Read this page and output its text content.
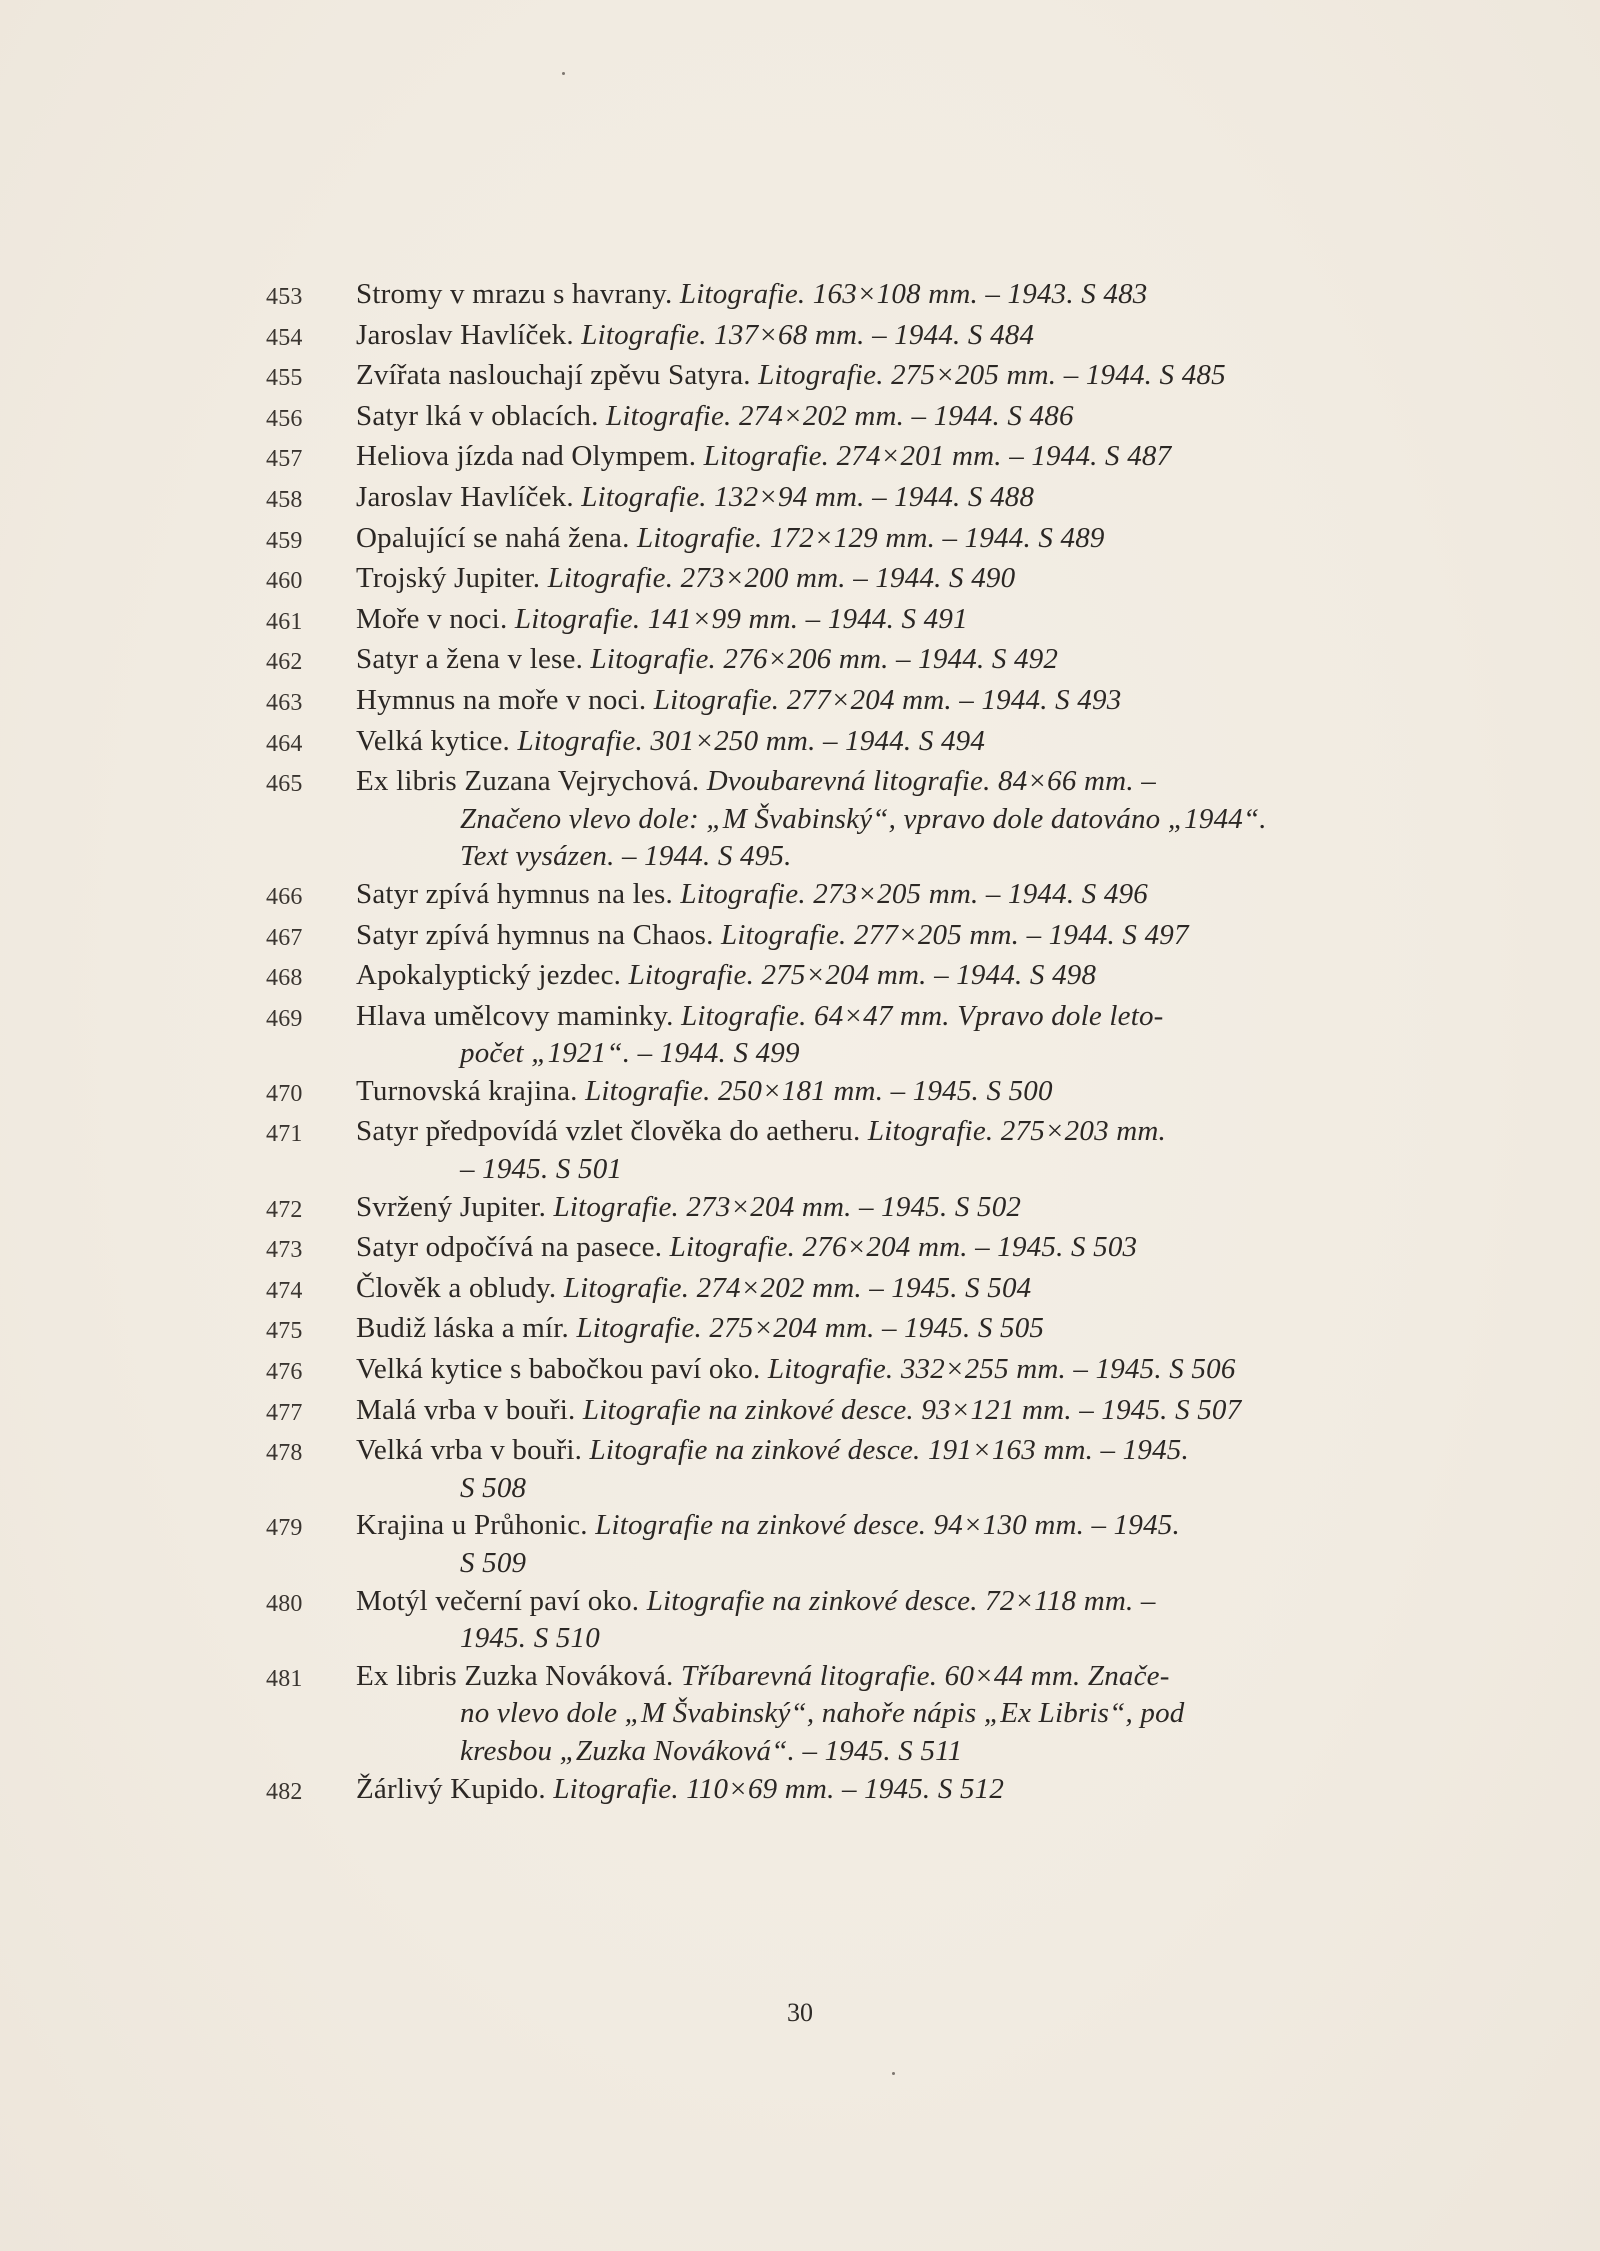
453	Stromy v mrazu s havrany. Litografie. 163×108 mm. – 1943. S 483
454	Jaroslav Havlíček. Litografie. 137×68 mm. – 1944. S 484
455	Zvířata naslouchají zpěvu Satyra. Litografie. 275×205 mm. – 1944. S 485
456	Satyr lká v oblacích. Litografie. 274×202 mm. – 1944. S 486
457	Heliova jízda nad Olympem. Litografie. 274×201 mm. – 1944. S 487
458	Jaroslav Havlíček. Litografie. 132×94 mm. – 1944. S 488
459	Opalující se nahá žena. Litografie. 172×129 mm. – 1944. S 489
460	Trojský Jupiter. Litografie. 273×200 mm. – 1944. S 490
461	Moře v noci. Litografie. 141×99 mm. – 1944. S 491
462	Satyr a žena v lese. Litografie. 276×206 mm. – 1944. S 492
463	Hymnus na moře v noci. Litografie. 277×204 mm. – 1944. S 493
464	Velká kytice. Litografie. 301×250 mm. – 1944. S 494
465	Ex libris Zuzana Vejrychová. Dvoubarevná litografie. 84×66 mm. –
Značeno vlevo dole: „M Švabinský“, vpravo dole datováno „1944“.
Text vysázen. – 1944. S 495.
466	Satyr zpívá hymnus na les. Litografie. 273×205 mm. – 1944. S 496
467	Satyr zpívá hymnus na Chaos. Litografie. 277×205 mm. – 1944. S 497
468	Apokalyptický jezdec. Litografie. 275×204 mm. – 1944. S 498
469	Hlava umělcovy maminky. Litografie. 64×47 mm. Vpravo dole leto-
počet „1921“. – 1944. S 499
470	Turnovská krajina. Litografie. 250×181 mm. – 1945. S 500
471	Satyr předpovídá vzlet člověka do aetheru. Litografie. 275×203 mm.
– 1945. S 501
472	Svržený Jupiter. Litografie. 273×204 mm. – 1945. S 502
473	Satyr odpočívá na pasece. Litografie. 276×204 mm. – 1945. S 503
474	Člověk a obludy. Litografie. 274×202 mm. – 1945. S 504
475	Budiž láska a mír. Litografie. 275×204 mm. – 1945. S 505
476	Velká kytice s babočkou paví oko. Litografie. 332×255 mm. – 1945. S 506
477	Malá vrba v bouři. Litografie na zinkové desce. 93×121 mm. – 1945. S 507
478	Velká vrba v bouři. Litografie na zinkové desce. 191×163 mm. – 1945.
S 508
479	Krajina u Průhonic. Litografie na zinkové desce. 94×130 mm. – 1945.
S 509
480	Motýl večerní paví oko. Litografie na zinkové desce. 72×118 mm. –
1945. S 510
481	Ex libris Zuzka Nováková. Tříbarevná litografie. 60×44 mm. Znače-
no vlevo dole „M Švabinský“, nahoře nápis „Ex Libris“, pod
kresbou „Zuzka Nováková“. – 1945. S 511
482	Žárlivý Kupido. Litografie. 110×69 mm. – 1945. S 512
30
